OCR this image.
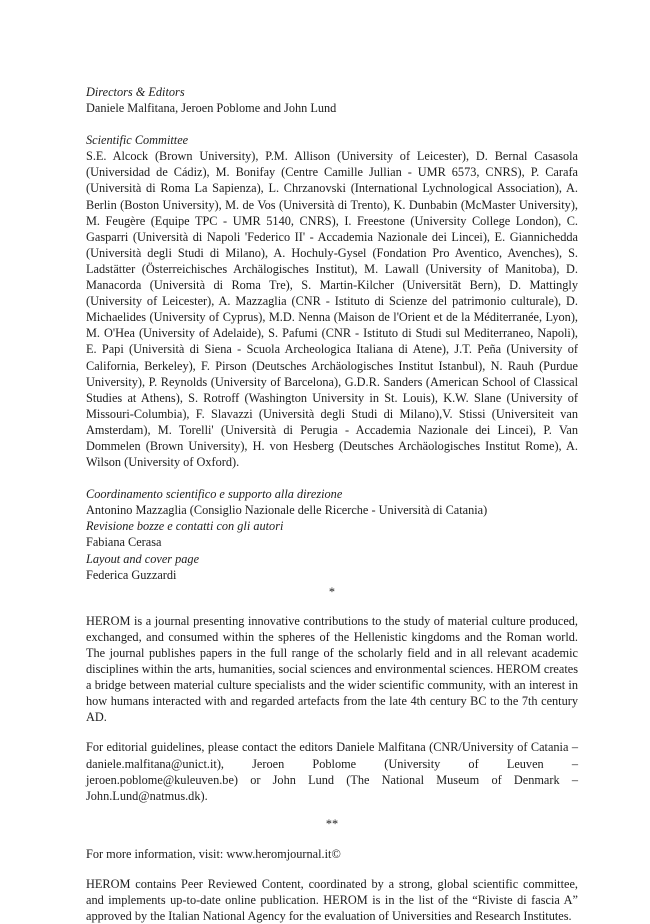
Directors & Editors
Daniele Malfitana, Jeroen Poblome and John Lund
Scientific Committee
S.E. Alcock (Brown University), P.M. Allison (University of Leicester), D. Bernal Casasola (Universidad de Cádiz), M. Bonifay (Centre Camille Jullian - UMR 6573, CNRS), P. Carafa (Università di Roma La Sapienza), L. Chrzanovski (International Lychnological Association), A. Berlin (Boston University), M. de Vos (Università di Trento), K. Dunbabin (McMaster University), M. Feugère (Equipe TPC - UMR 5140, CNRS), I. Freestone (University College London), C. Gasparri (Università di Napoli 'Federico II' - Accademia Nazionale dei Lincei), E. Giannichedda (Università degli Studi di Milano), A. Hochuly-Gysel (Fondation Pro Aventico, Avenches), S. Ladstätter (Österreichisches Archälogisches Institut), M. Lawall (University of Manitoba), D. Manacorda (Università di Roma Tre), S. Martin-Kilcher (Universität Bern), D. Mattingly (University of Leicester), A. Mazzaglia (CNR - Istituto di Scienze del patrimonio culturale), D. Michaelides (University of Cyprus), M.D. Nenna (Maison de l'Orient et de la Méditerranée, Lyon), M. O'Hea (University of Adelaide), S. Pafumi (CNR - Istituto di Studi sul Mediterraneo, Napoli), E. Papi (Università di Siena - Scuola Archeologica Italiana di Atene), J.T. Peña (University of California, Berkeley), F. Pirson (Deutsches Archäologisches Institut Istanbul), N. Rauh (Purdue University), P. Reynolds (University of Barcelona), G.D.R. Sanders (American School of Classical Studies at Athens), S. Rotroff (Washington University in St. Louis), K.W. Slane (University of Missouri-Columbia), F. Slavazzi (Università degli Studi di Milano),V. Stissi (Universiteit van Amsterdam), M. Torelli' (Università di Perugia - Accademia Nazionale dei Lincei), P. Van Dommelen (Brown University), H. von Hesberg (Deutsches Archäologisches Institut Rome), A. Wilson (University of Oxford).
Coordinamento scientifico e supporto alla direzione
Antonino Mazzaglia (Consiglio Nazionale delle Ricerche - Università di Catania)
Revisione bozze e contatti con gli autori
Fabiana Cerasa
Layout and cover page
Federica Guzzardi
*
HEROM is a journal presenting innovative contributions to the study of material culture produced, exchanged, and consumed within the spheres of the Hellenistic kingdoms and the Roman world. The journal publishes papers in the full range of the scholarly field and in all relevant academic disciplines within the arts, humanities, social sciences and environmental sciences. HEROM creates a bridge between material culture specialists and the wider scientific community, with an interest in how humans interacted with and regarded artefacts from the late 4th century BC to the 7th century AD.
For editorial guidelines, please contact the editors Daniele Malfitana (CNR/University of Catania – daniele.malfitana@unict.it), Jeroen Poblome (University of Leuven – jeroen.poblome@kuleuven.be) or John Lund (The National Museum of Denmark – John.Lund@natmus.dk).
**
For more information, visit: www.heromjournal.it©
HEROM contains Peer Reviewed Content, coordinated by a strong, global scientific committee, and implements up-to-date online publication. HEROM is in the list of the “Riviste di fascia A” approved by the Italian National Agency for the evaluation of Universities and Research Institutes.
